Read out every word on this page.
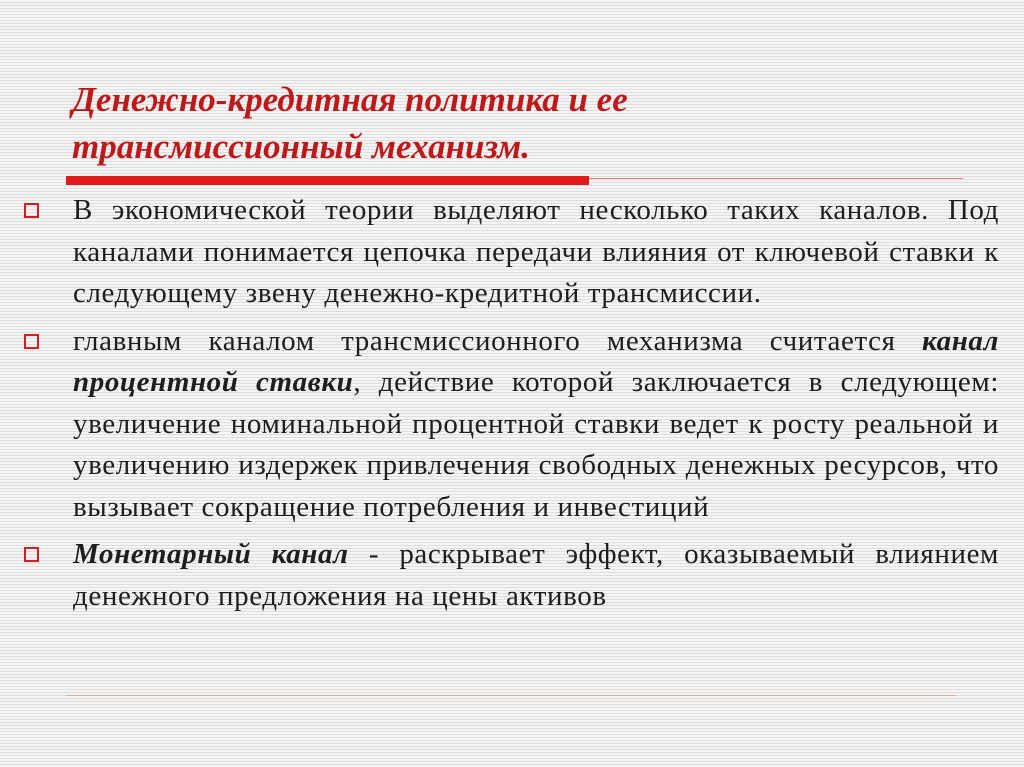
Денежно-кредитная политика и ее
трансмиссионный механизм.
В экономической теории выделяют несколько таких каналов. Под каналами понимается цепочка передачи влияния от ключевой ставки к следующему звену денежно-кредитной трансмиссии.
главным каналом трансмиссионного механизма считается канал процентной ставки, действие которой заключается в следующем: увеличение номинальной процентной ставки ведет к росту реальной и увеличению издержек привлечения свободных денежных ресурсов, что вызывает сокращение потребления и инвестиций
Монетарный канал - раскрывает эффект, оказываемый влиянием денежного предложения на цены активов
